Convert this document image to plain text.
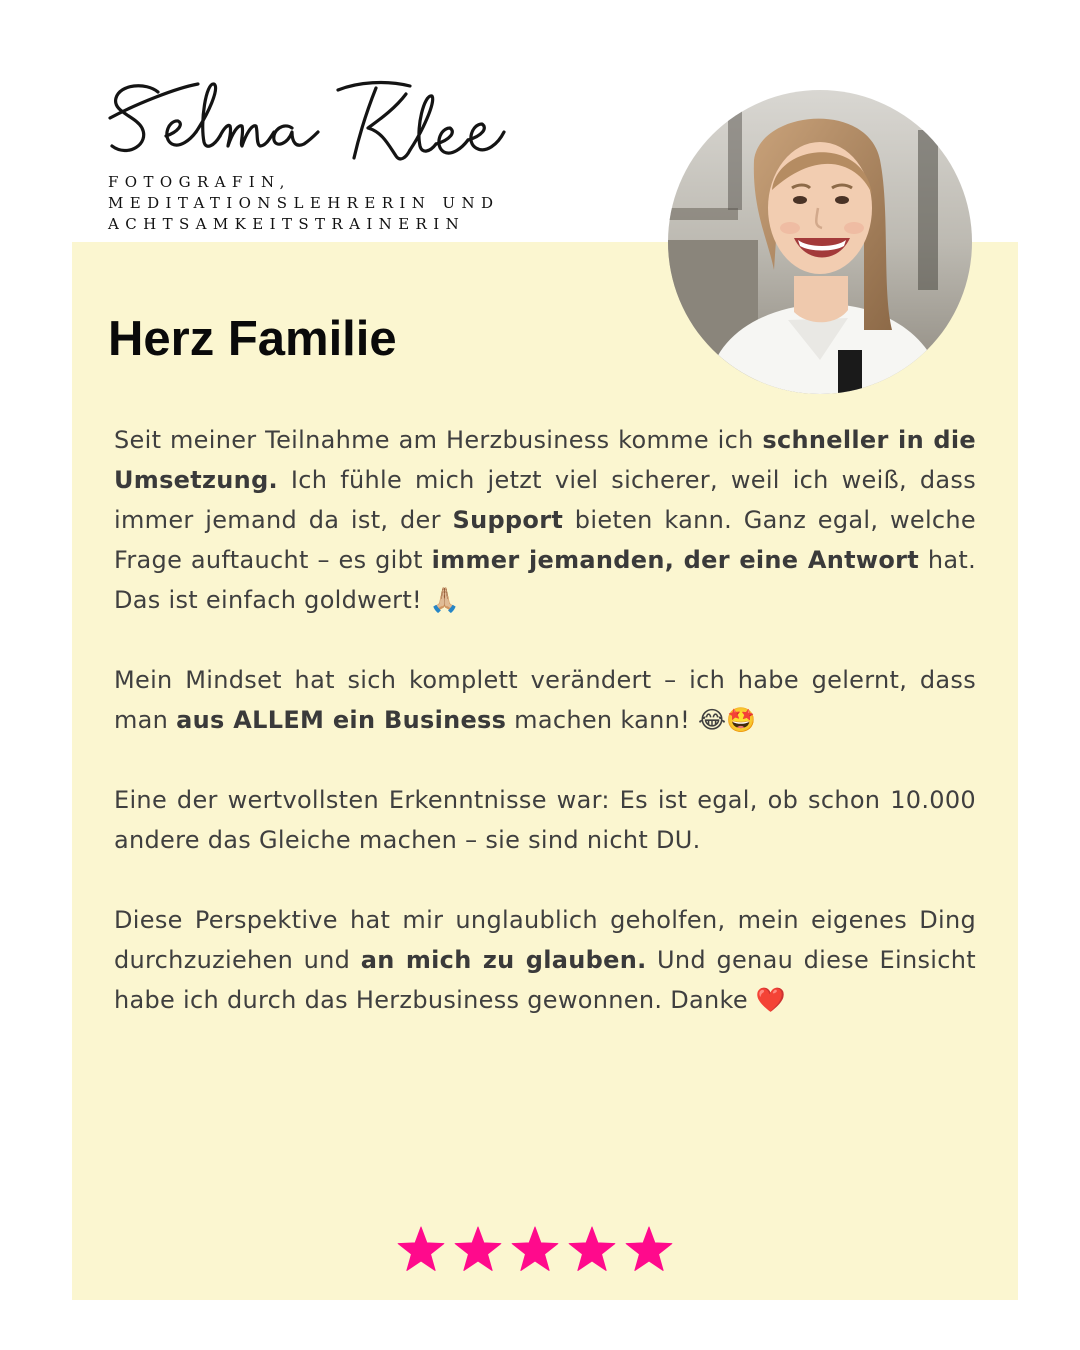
FOTOGRAFIN, MEDITATIONSLEHRERIN UND ACHTSAMKEITSTRAINERIN

Herz Familie

Seit meiner Teilnahme am Herzbusiness komme ich schneller in die Umsetzung. Ich fühle mich jetzt viel sicherer, weil ich weiß, dass immer jemand da ist, der Support bieten kann. Ganz egal, welche Frage auftaucht – es gibt immer jemanden, der eine Antwort hat. Das ist einfach goldwert! 🙏🏼

Mein Mindset hat sich komplett verändert – ich habe gelernt, dass man aus ALLEM ein Business machen kann! 😂🤩

Eine der wertvollsten Erkenntnisse war: Es ist egal, ob schon 10.000 andere das Gleiche machen – sie sind nicht DU.

Diese Perspektive hat mir unglaublich geholfen, mein eigenes Ding durchzuziehen und an mich zu glauben. Und genau diese Einsicht habe ich durch das Herzbusiness gewonnen. Danke ❤️
